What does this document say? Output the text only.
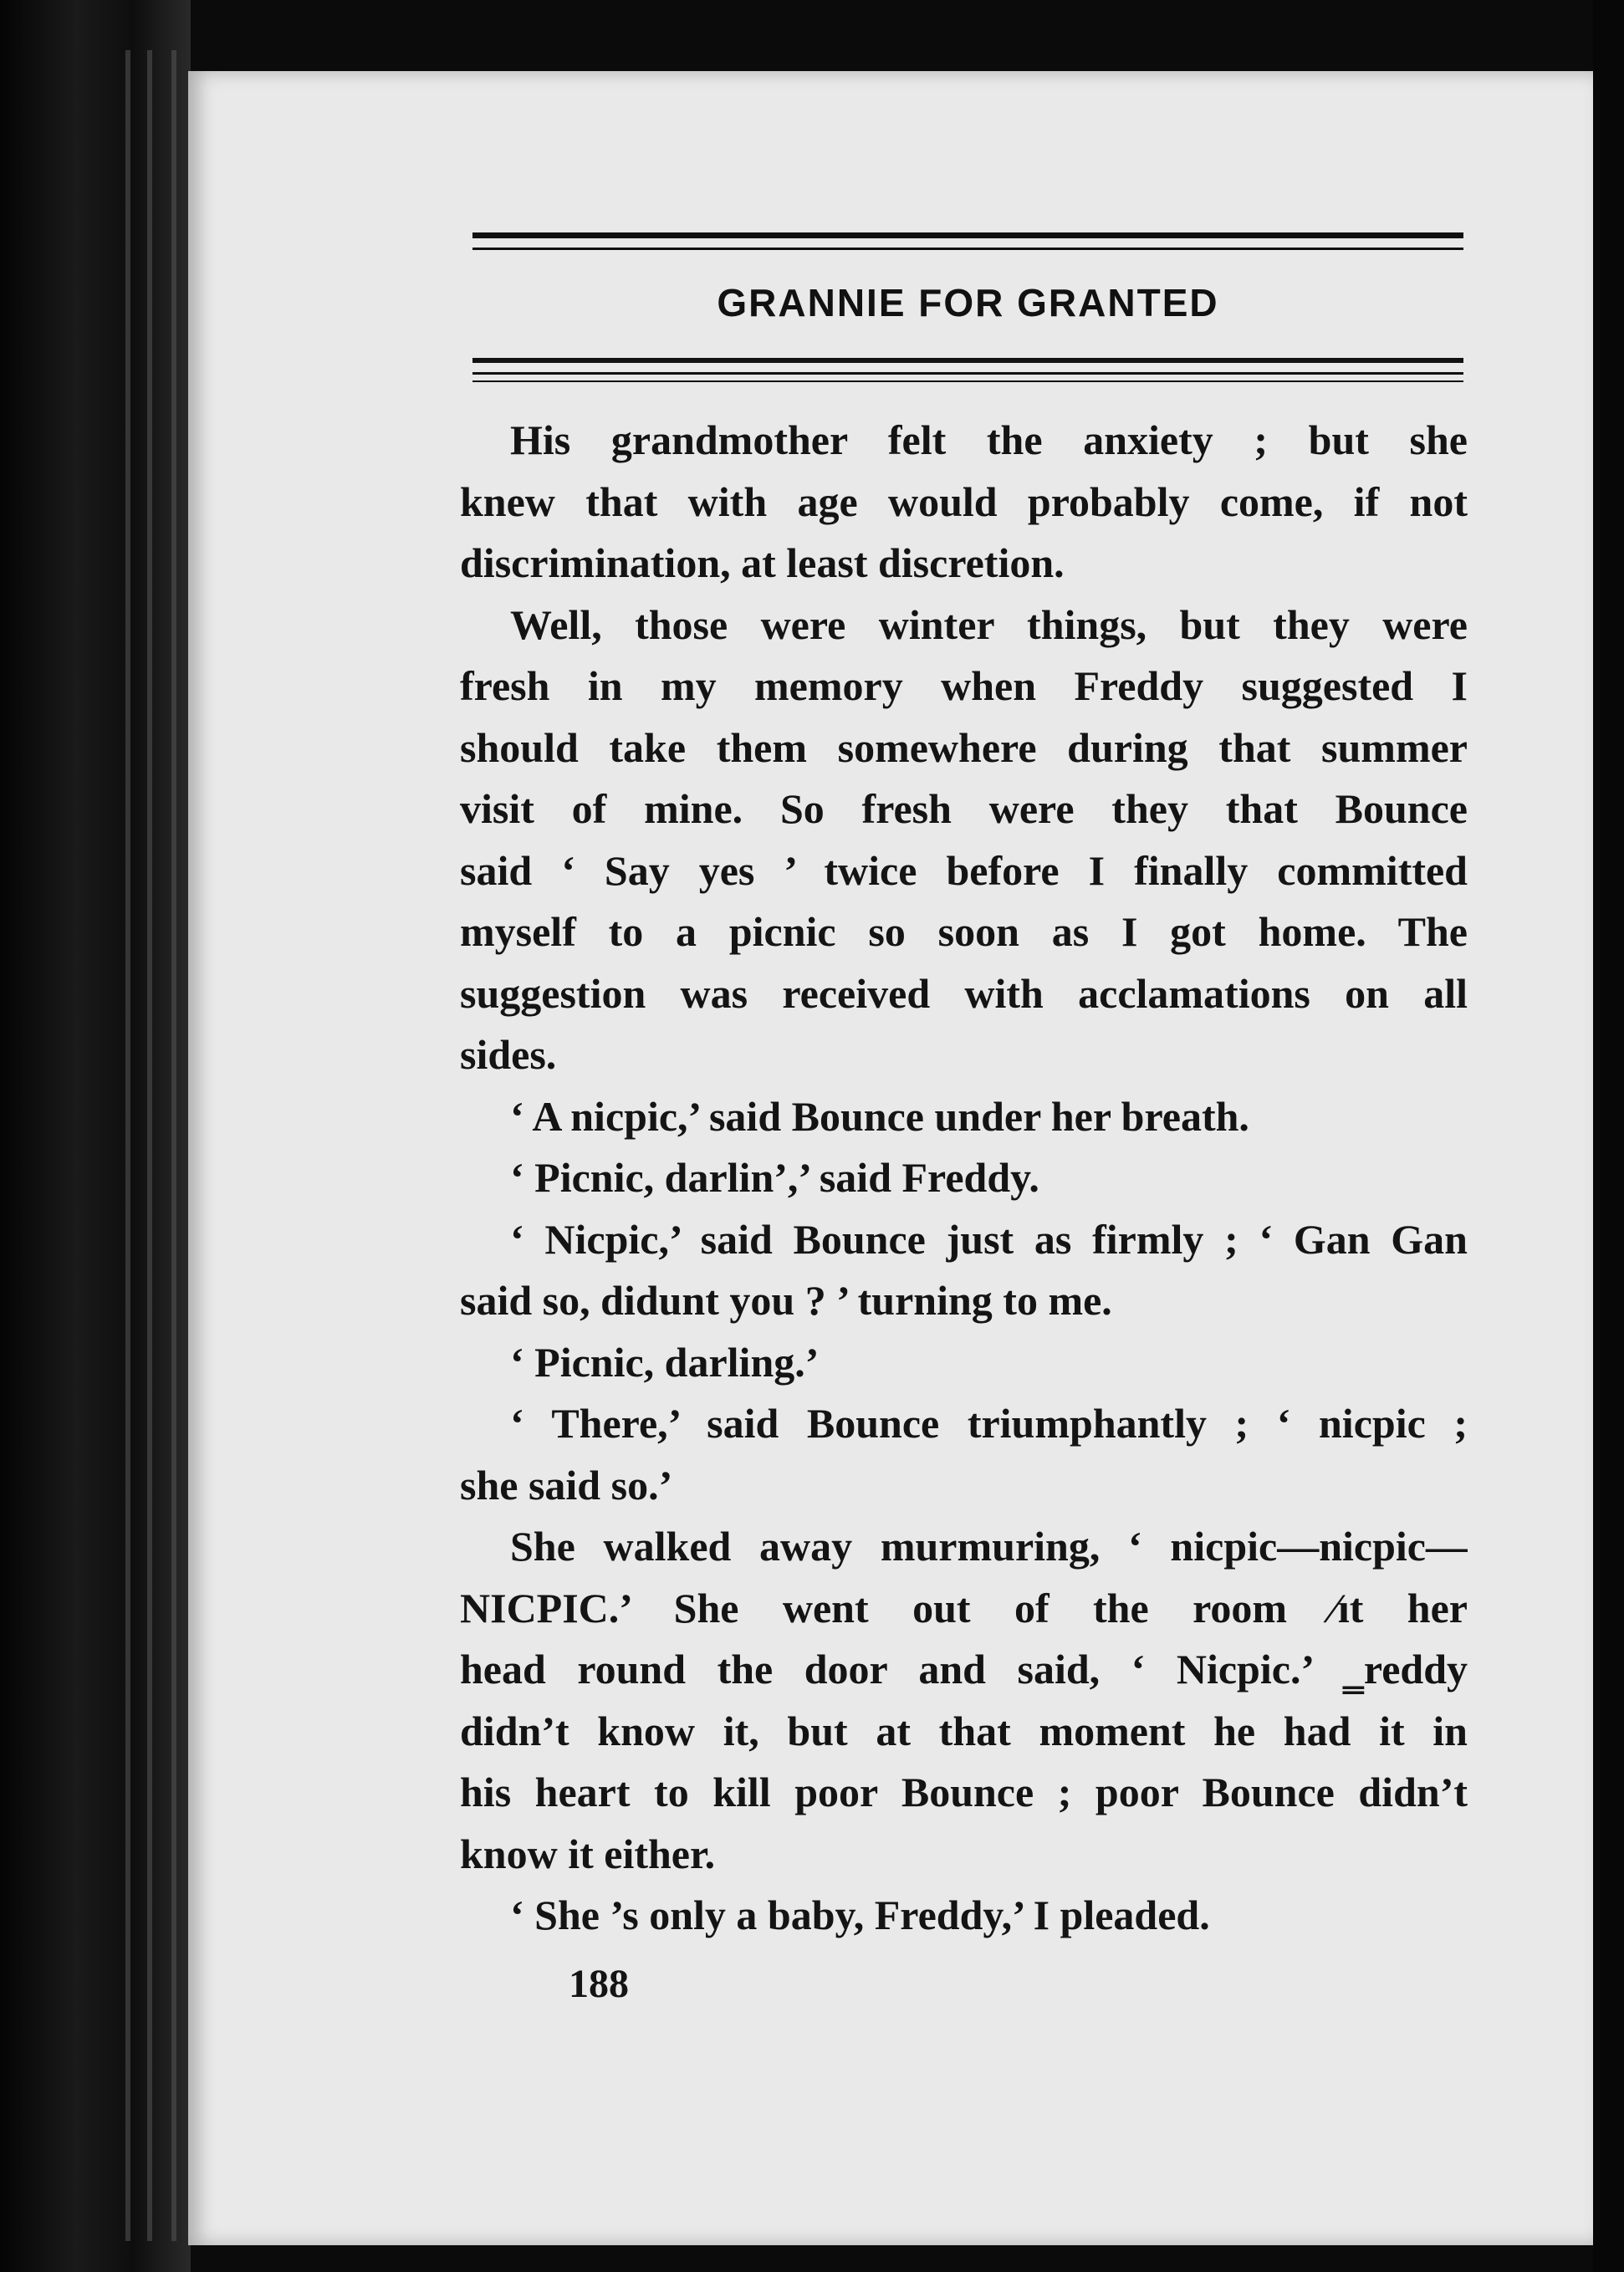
GRANNIE FOR GRANTED
His grandmother felt the anxiety ; but she
knew that with age would probably come, if not
discrimination, at least discretion.
Well, those were winter things, but they were
fresh in my memory when Freddy suggested I
should take them somewhere during that summer
visit of mine. So fresh were they that Bounce
said ‘ Say yes ’ twice before I finally committed
myself to a picnic so soon as I got home. The
suggestion was received with acclamations on all
sides.
‘ A nicpic,’ said Bounce under her breath.
‘ Picnic, darlin’,’ said Freddy.
‘ Nicpic,’ said Bounce just as firmly ; ‘ Gan Gan
said so, didunt you ? ’ turning to me.
‘ Picnic, darling.’
‘ There,’ said Bounce triumphantly ; ‘ nicpic ;
she said so.’
She walked away murmuring, ‘ nicpic—nicpic—
NICPIC.’ She went out of the room ⁄ıt her
head round the door and said, ‘ Nicpic.’ ‗reddy
didn’t know it, but at that moment he had it in
his heart to kill poor Bounce ; poor Bounce didn’t
know it either.
‘ She ’s only a baby, Freddy,’ I pleaded.
188
